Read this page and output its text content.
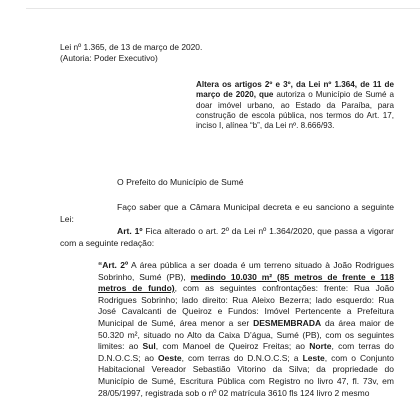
Lei nº 1.365, de 13 de março de 2020.
(Autoria: Poder Executivo)
Altera os artigos 2º e 3º, da Lei nº 1.364, de 11 de março de 2020, que autoriza o Município de Sumé a doar imóvel urbano, ao Estado da Paraíba, para construção de escola pública, nos termos do Art. 17, inciso I, alínea “b”, da Lei nº. 8.666/93.
O Prefeito do Município de Sumé
Faço saber que a Câmara Municipal decreta e eu sanciono a seguinte Lei:
Art. 1º Fica alterado o art. 2º da Lei nº 1.364/2020, que passa a vigorar com a seguinte redação:
“Art. 2º A área pública a ser doada é um terreno situado à João Rodrigues Sobrinho, Sumé (PB), medindo 10.030 m² (85 metros de frente e 118 metros de fundo), com as seguintes confrontações: frente: Rua João Rodrigues Sobrinho; lado direito: Rua Aleixo Bezerra; lado esquerdo: Rua José Cavalcanti de Queiroz e Fundos: Imóvel Pertencente a Prefeitura Municipal de Sumé, área menor a ser DESMEMBRADA da área maior de 50.320 m², situado no Alto da Caixa D’água, Sumé (PB), com os seguintes limites: ao Sul, com Manoel de Queiroz Freitas; ao Norte, com terras do D.N.O.C.S; ao Oeste, com terras do D.N.O.C.S; a Leste, com o Conjunto Habitacional Vereador Sebastião Vitorino da Silva; da propriedade do Município de Sumé, Escritura Pública com Registro no livro 47, fl. 73v, em 28/05/1997, registrada sob o nº 02 matrícula 3610 fls 124 livro 2 mesmo
